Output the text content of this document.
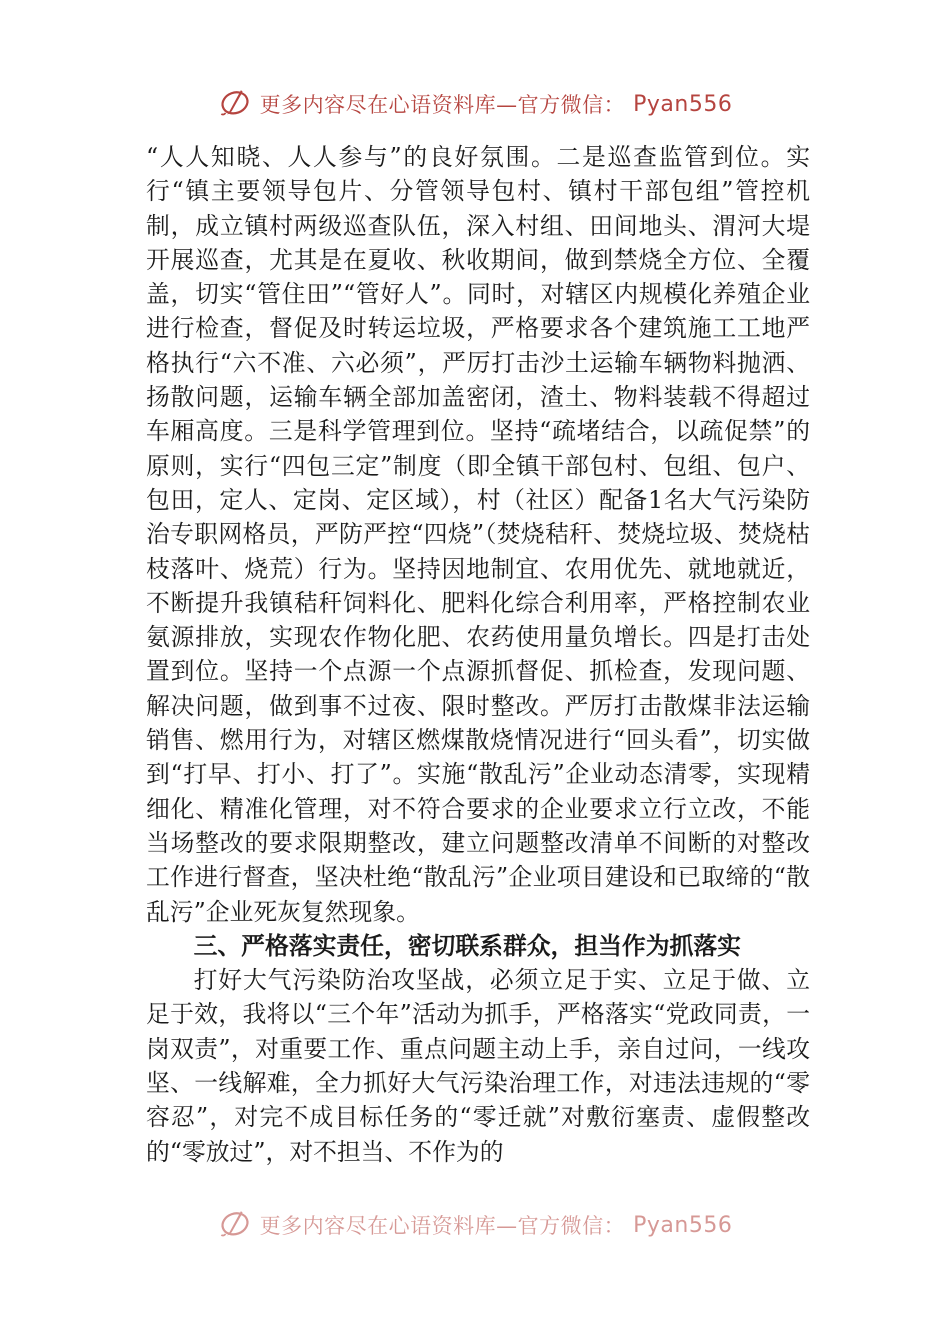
更多内容尽在心语资料库—官方微信： Pyan556

“人人知晓、人人参与”的良好氛围。二是巡查监管到位。实行“镇主要领导包片、分管领导包村、镇村干部包组”管控机制，成立镇村两级巡查队伍，深入村组、田间地头、渭河大堤开展巡查，尤其是在夏收、秋收期间，做到禁烧全方位、全覆盖，切实“管住田”“管好人”。同时，对辖区内规模化养殖企业进行检查，督促及时转运垃圾，严格要求各个建筑施工工地严格执行“六不准、六必须”，严厉打击沙土运输车辆物料抛洒、扬散问题，运输车辆全部加盖密闭，渣土、物料装载不得超过车厢高度。三是科学管理到位。坚持“疏堵结合，以疏促禁”的原则，实行“四包三定”制度（即全镇干部包村、包组、包户、包田，定人、定岗、定区域），村（社区）配备1名大气污染防治专职网格员，严防严控“四烧”（焚烧秸秆、焚烧垃圾、焚烧枯枝落叶、烧荒）行为。坚持因地制宜、农用优先、就地就近，不断提升我镇秸秆饲料化、肥料化综合利用率，严格控制农业氨源排放，实现农作物化肥、农药使用量负增长。四是打击处置到位。坚持一个点源一个点源抓督促、抓检查，发现问题、解决问题，做到事不过夜、限时整改。严厉打击散煤非法运输销售、燃用行为，对辖区燃煤散烧情况进行“回头看”，切实做到“打早、打小、打了”。实施“散乱污”企业动态清零，实现精细化、精准化管理，对不符合要求的企业要求立行立改，不能当场整改的要求限期整改，建立问题整改清单不间断的对整改工作进行督查，坚决杜绝“散乱污”企业项目建设和已取缔的“散乱污”企业死灰复然现象。

三、严格落实责任，密切联系群众，担当作为抓落实

打好大气污染防治攻坚战，必须立足于实、立足于做、立足于效，我将以“三个年”活动为抓手，严格落实“党政同责，一岗双责”，对重要工作、重点问题主动上手，亲自过问，一线攻坚、一线解难，全力抓好大气污染治理工作，对违法违规的“零容忍”，对完不成目标任务的“零迁就”对敷衍塞责、虚假整改的“零放过”，对不担当、不作为的

更多内容尽在心语资料库—官方微信： Pyan556
